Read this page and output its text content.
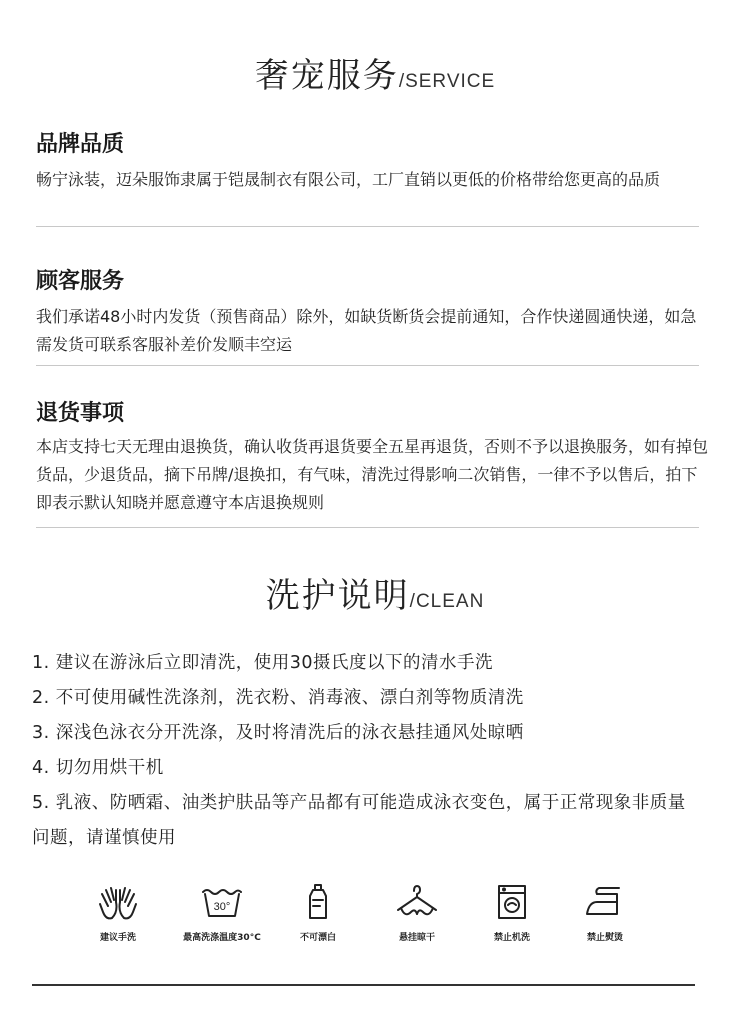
奢宠服务/SERVICE
品牌品质
畅宁泳装，迈朵服饰隶属于铠晟制衣有限公司，工厂直销以更低的价格带给您更高的品质
顾客服务
我们承诺48小时内发货（预售商品）除外，如缺货断货会提前通知，合作快递圆通快递，如急需发货可联系客服补差价发顺丰空运
退货事项
本店支持七天无理由退换货，确认收货再退货要全五星再退货，否则不予以退换服务，如有掉包货品，少退货品，摘下吊牌/退换扣，有气味，清洗过得影响二次销售，一律不予以售后，拍下即表示默认知晓并愿意遵守本店退换规则
洗护说明/CLEAN
1. 建议在游泳后立即清洗，使用30摄氏度以下的清水手洗
2. 不可使用碱性洗涤剂，洗衣粉、消毒液、漂白剂等物质清洗
3. 深浅色泳衣分开洗涤，及时将清洗后的泳衣悬挂通风处晾晒
4. 切勿用烘干机
5. 乳液、防晒霜、油类护肤品等产品都有可能造成泳衣变色，属于正常现象非质量问题，请谨慎使用
建议手洗
30°
最高洗涤温度30°C	不可漂白	悬挂晾干	禁止机洗	禁止熨烫
